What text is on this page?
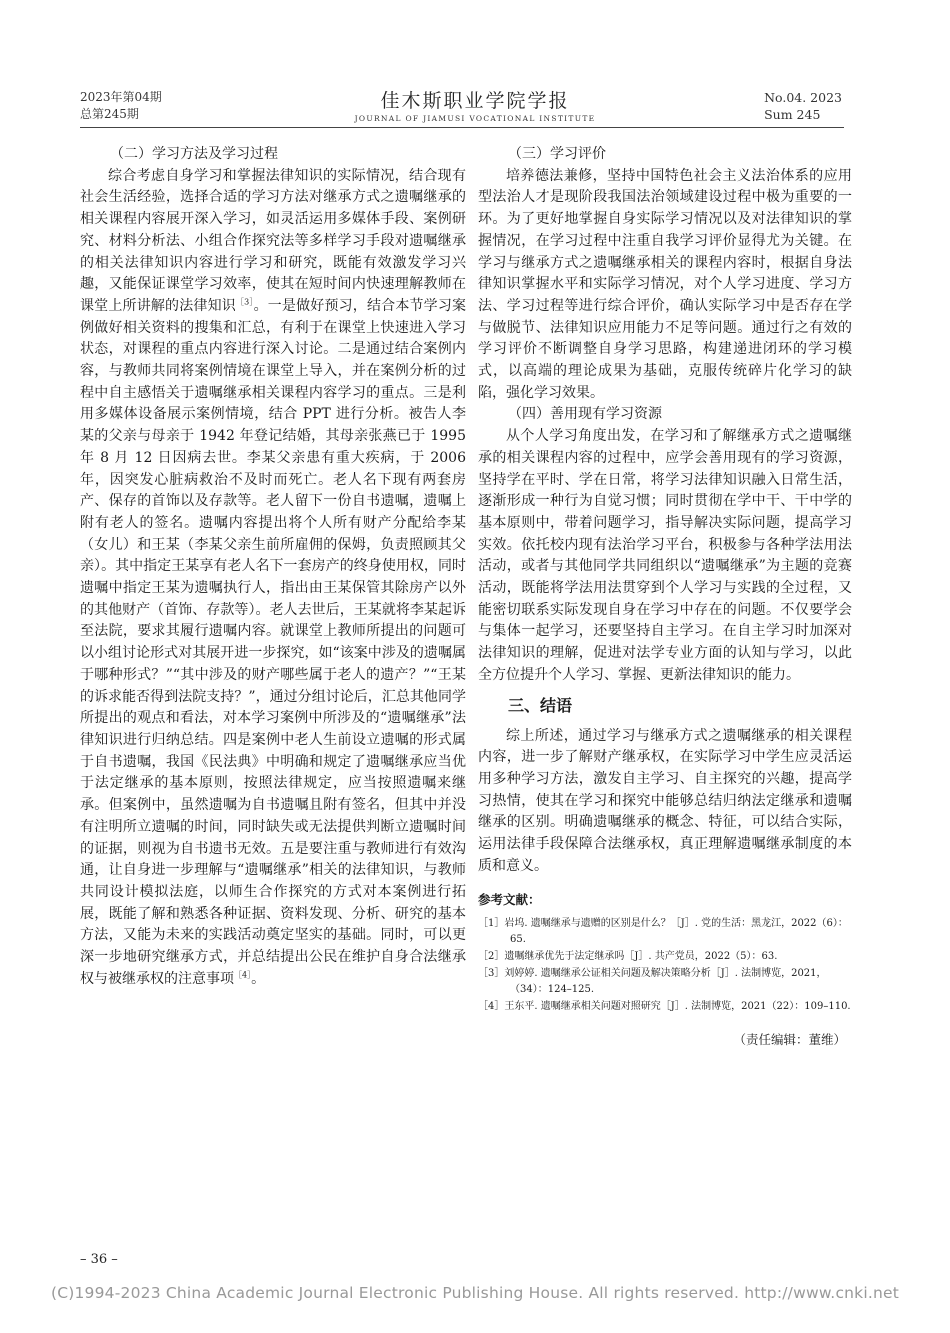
2023年第04期
总第245期
佳木斯职业学院学报
JOURNAL OF JIAMUSI VOCATIONAL INSTITUTE
No.04. 2023
Sum 245

（二）学习方法及学习过程

综合考虑自身学习和掌握法律知识的实际情况，结合现有社会生活经验，选择合适的学习方法对继承方式之遗嘱继承的相关课程内容展开深入学习，如灵活运用多媒体手段、案例研究、材料分析法、小组合作探究法等多样学习手段对遗嘱继承的相关法律知识内容进行学习和研究，既能有效激发学习兴趣，又能保证课堂学习效率，使其在短时间内快速理解教师在课堂上所讲解的法律知识$^{[3]}$。一是做好预习，结合本节学习案例做好相关资料的搜集和汇总，有利于在课堂上快速进入学习状态，对课程的重点内容进行深入讨论。二是通过结合案例内容，与教师共同将案例情境在课堂上导入，并在案例分析的过程中自主感悟关于遗嘱继承相关课程内容学习的重点。三是利用多媒体设备展示案例情境，结合 PPT 进行分析。被告人李某的父亲与母亲于 1942 年登记结婚，其母亲张燕已于 1995 年 8 月 12 日因病去世。李某父亲患有重大疾病，于 2006 年，因突发心脏病救治不及时而死亡。老人名下现有两套房产、保存的首饰以及存款等。老人留下一份自书遗嘱，遗嘱上附有老人的签名。遗嘱内容提出将个人所有财产分配给李某（女儿）和王某（李某父亲生前所雇佣的保姆，负责照顾其父亲）。其中指定王某享有老人名下一套房产的终身使用权，同时遗嘱中指定王某为遗嘱执行人，指出由王某保管其除房产以外的其他财产（首饰、存款等）。老人去世后，王某就将李某起诉至法院，要求其履行遗嘱内容。就课堂上教师所提出的问题可以小组讨论形式对其展开进一步探究，如“该案中涉及的遗嘱属于哪种形式？”“其中涉及的财产哪些属于老人的遗产？”“王某的诉求能否得到法院支持？”，通过分组讨论后，汇总其他同学所提出的观点和看法，对本学习案例中所涉及的“遗嘱继承”法律知识进行归纳总结。四是案例中老人生前设立遗嘱的形式属于自书遗嘱，我国《民法典》中明确和规定了遗嘱继承应当优于法定继承的基本原则，按照法律规定，应当按照遗嘱来继承。但案例中，虽然遗嘱为自书遗嘱且附有签名，但其中并没有注明所立遗嘱的时间，同时缺失或无法提供判断立遗嘱时间的证据，则视为自书遗书无效。五是要注重与教师进行有效沟通，让自身进一步理解与“遗嘱继承”相关的法律知识，与教师共同设计模拟法庭，以师生合作探究的方式对本案例进行拓展，既能了解和熟悉各种证据、资料发现、分析、研究的基本方法，又能为未来的实践活动奠定坚实的基础。同时，可以更深一步地研究继承方式，并总结提出公民在维护自身合法继承权与被继承权的注意事项$^{[4]}$。

（三）学习评价

培养德法兼修，坚持中国特色社会主义法治体系的应用型法治人才是现阶段我国法治领域建设过程中极为重要的一环。为了更好地掌握自身实际学习情况以及对法律知识的掌握情况，在学习过程中注重自我学习评价显得尤为关键。在学习与继承方式之遗嘱继承相关的课程内容时，根据自身法律知识掌握水平和实际学习情况，对个人学习进度、学习方法、学习过程等进行综合评价，确认实际学习中是否存在学与做脱节、法律知识应用能力不足等问题。通过行之有效的学习评价不断调整自身学习思路，构建递进闭环的学习模式，以高端的理论成果为基础，克服传统碎片化学习的缺陷，强化学习效果。

（四）善用现有学习资源

从个人学习角度出发，在学习和了解继承方式之遗嘱继承的相关课程内容的过程中，应学会善用现有的学习资源，坚持学在平时、学在日常，将学习法律知识融入日常生活，逐渐形成一种行为自觉习惯；同时贯彻在学中干、干中学的基本原则中，带着问题学习，指导解决实际问题，提高学习实效。依托校内现有法治学习平台，积极参与各种学法用法活动，或者与其他同学共同组织以“遗嘱继承”为主题的竞赛活动，既能将学法用法贯穿到个人学习与实践的全过程，又能密切联系实际发现自身在学习中存在的问题。不仅要学会与集体一起学习，还要坚持自主学习。在自主学习时加深对法律知识的理解，促进对法学专业方面的认知与学习，以此全方位提升个人学习、掌握、更新法律知识的能力。

三、结语

综上所述，通过学习与继承方式之遗嘱继承的相关课程内容，进一步了解财产继承权，在实际学习中学生应灵活运用多种学习方法，激发自主学习、自主探究的兴趣，提高学习热情，使其在学习和探究中能够总结归纳法定继承和遗嘱继承的区别。明确遗嘱继承的概念、特征，可以结合实际，运用法律手段保障合法继承权，真正理解遗嘱继承制度的本质和意义。

参考文献：
［1］岩坞. 遗嘱继承与遗赠的区别是什么？［J］. 党的生活：黑龙江，2022（6）：65.
［2］遗嘱继承优先于法定继承吗［J］. 共产党员，2022（5）：63.
［3］刘婷婷. 遗嘱继承公证相关问题及解决策略分析［J］. 法制博览，2021，（34）：124–125.
［4］王东平. 遗嘱继承相关问题对照研究［J］. 法制博览，2021（22）：109–110.
（责任编辑：董维）
– 36 –
(C)1994-2023 China Academic Journal Electronic Publishing House. All rights reserved. http://www.cnki.net
